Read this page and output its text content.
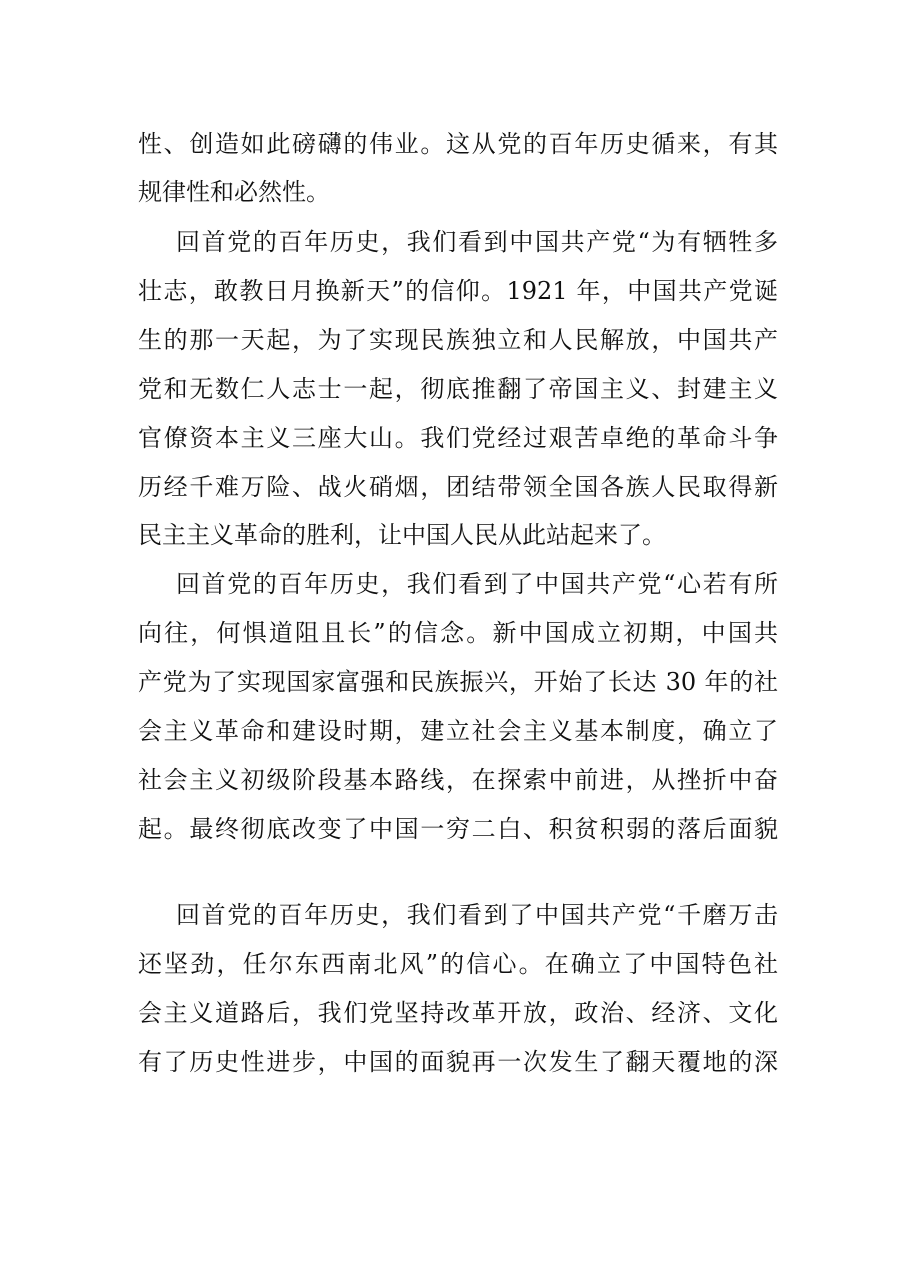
性、创造如此磅礴的伟业。这从党的百年历史循来，有其
规律性和必然性。
回首党的百年历史，我们看到中国共产党“为有牺牲多
壮志，敢教日月换新天”的信仰。1921 年，中国共产党诞
生的那一天起，为了实现民族独立和人民解放，中国共产
党和无数仁人志士一起，彻底推翻了帝国主义、封建主义
官僚资本主义三座大山。我们党经过艰苦卓绝的革命斗争
历经千难万险、战火硝烟，团结带领全国各族人民取得新
民主主义革命的胜利，让中国人民从此站起来了。
回首党的百年历史，我们看到了中国共产党“心若有所
向往，何惧道阻且长”的信念。新中国成立初期，中国共
产党为了实现国家富强和民族振兴，开始了长达 30 年的社
会主义革命和建设时期，建立社会主义基本制度，确立了
社会主义初级阶段基本路线，在探索中前进，从挫折中奋
起。最终彻底改变了中国一穷二白、积贫积弱的落后面貌
回首党的百年历史，我们看到了中国共产党“千磨万击
还坚劲，任尔东西南北风”的信心。在确立了中国特色社
会主义道路后，我们党坚持改革开放，政治、经济、文化
有了历史性进步，中国的面貌再一次发生了翻天覆地的深
